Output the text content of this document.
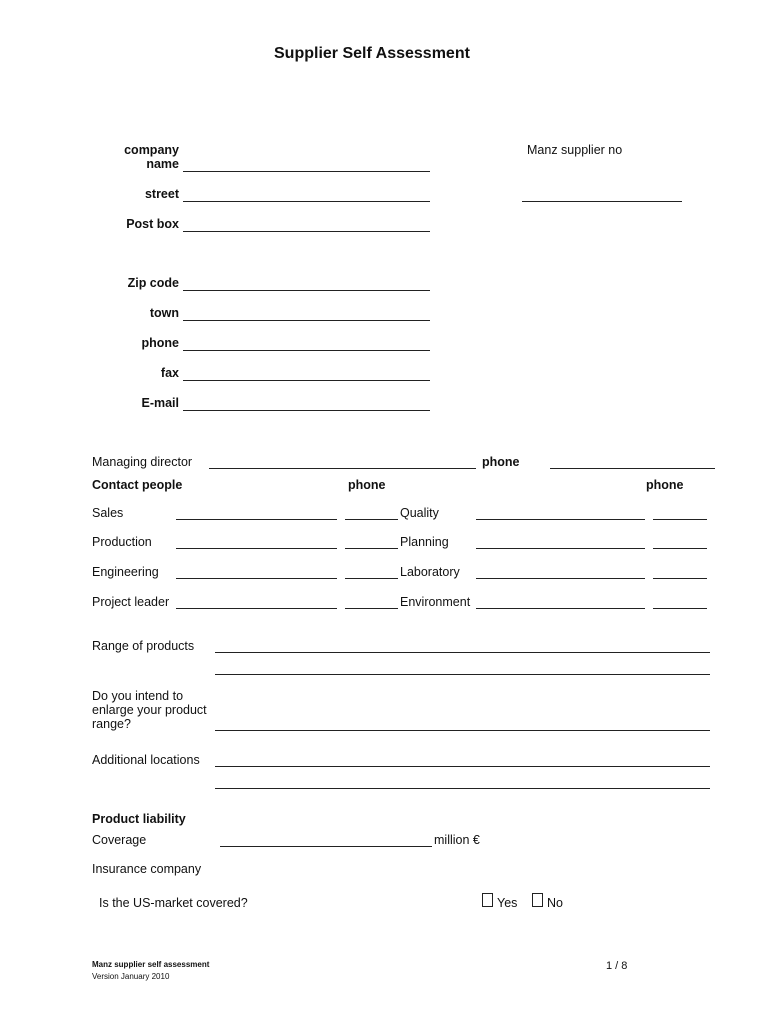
Supplier Self Assessment
company
name
street
Post box
Zip code
town
phone
fax
E-mail
Manz supplier no
Managing director	phone
Contact people	phone	phone
Sales	Quality
Production	Planning
Engineering	Laboratory
Project leader	Environment
Range of products
Do you intend to
enlarge your product
range?
Additional locations
Product liability
Coverage	million €
Insurance company
Is the US-market covered?	Yes No
Manz supplier self assessment
Version January 2010
1 / 8
